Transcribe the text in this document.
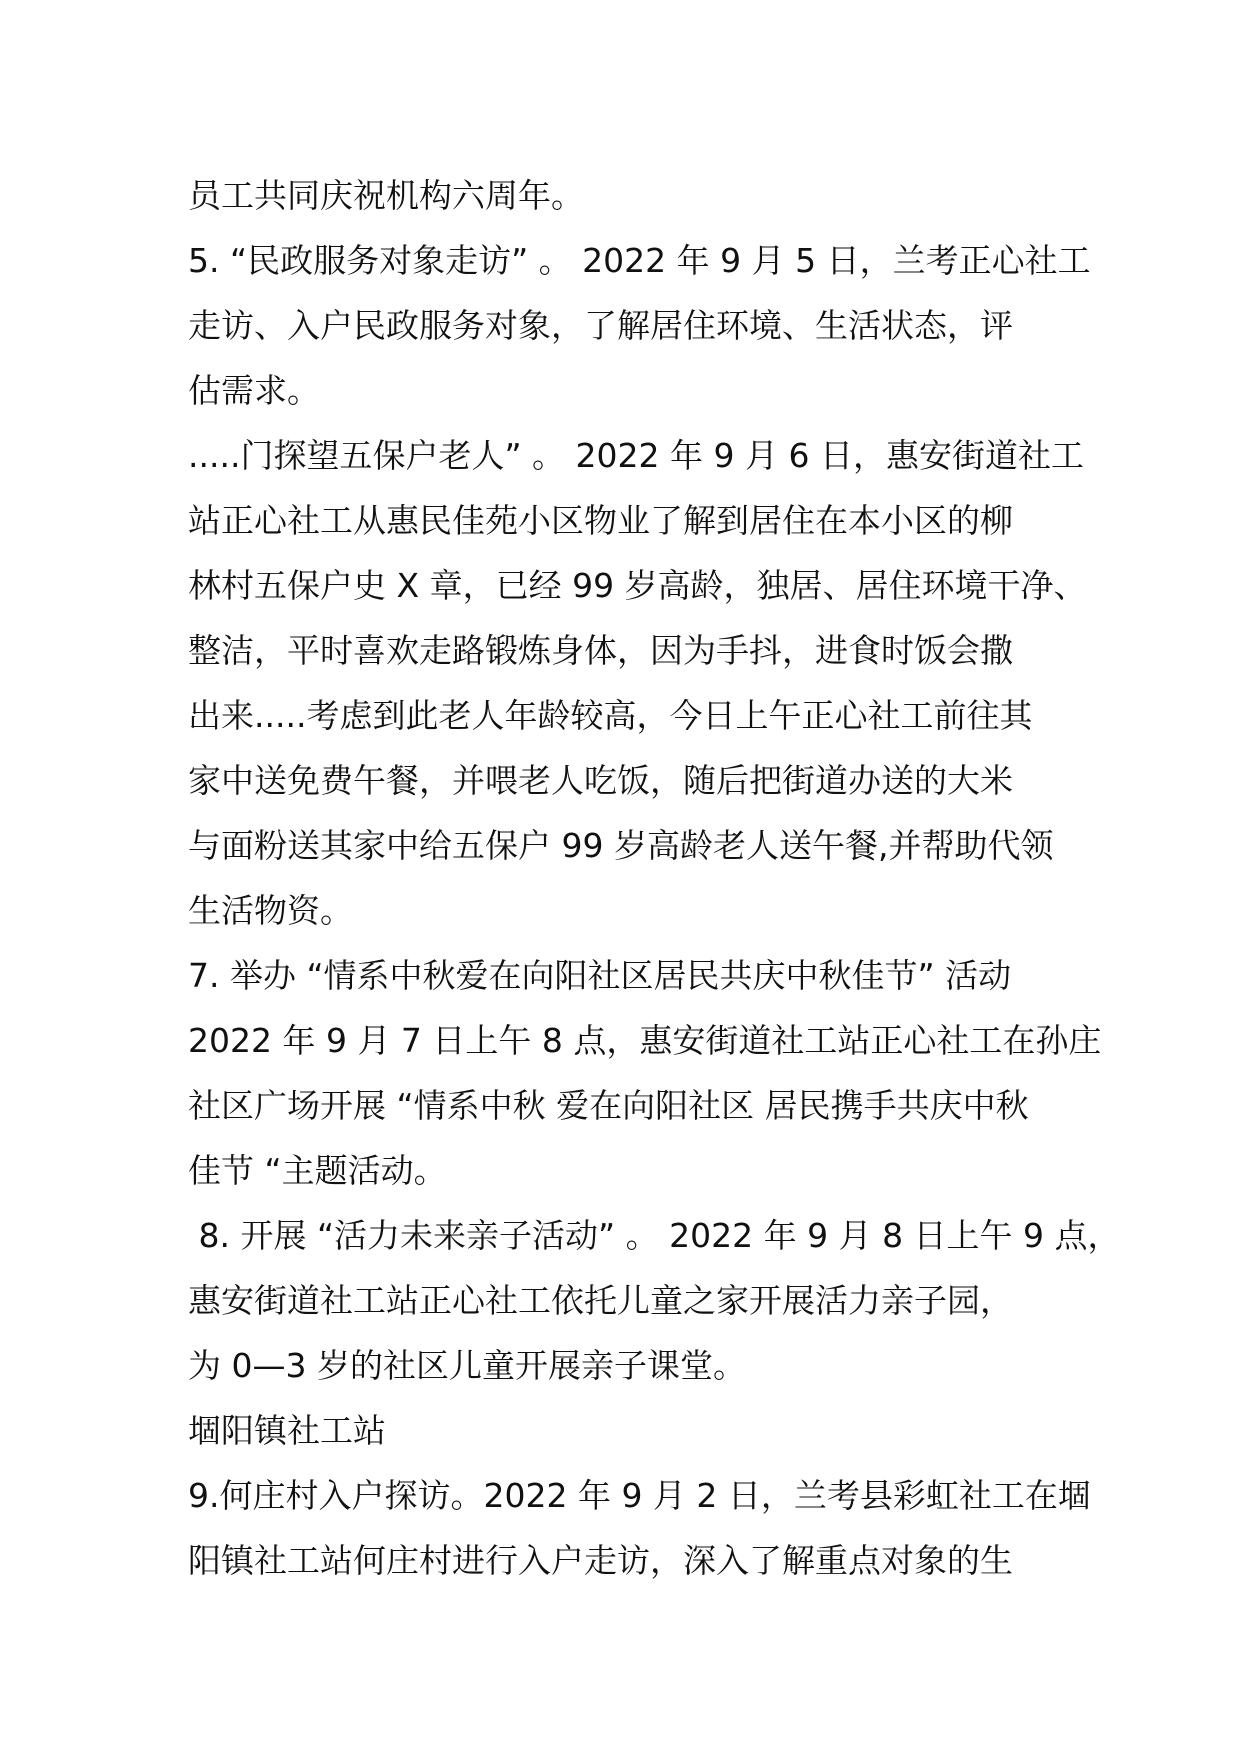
员工共同庆祝机构六周年。
5. “民政服务对象走访” 。 2022 年 9 月 5 日，兰考正心社工
走访、入户民政服务对象，了解居住环境、生活状态，评
估需求。
.....门探望五保户老人” 。 2022 年 9 月 6 日，惠安街道社工
站正心社工从惠民佳苑小区物业了解到居住在本小区的柳
林村五保户史 X 章，已经 99 岁高龄，独居、居住环境干净、
整洁，平时喜欢走路锻炼身体，因为手抖，进食时饭会撒
出来.....考虑到此老人年龄较高，今日上午正心社工前往其
家中送免费午餐，并喂老人吃饭，随后把街道办送的大米
与面粉送其家中给五保户 99 岁高龄老人送午餐,并帮助代领
生活物资。
7. 举办 “情系中秋爱在向阳社区居民共庆中秋佳节” 活动
2022 年 9 月 7 日上午 8 点，惠安街道社工站正心社工在孙庄
社区广场开展 “情系中秋 爱在向阳社区 居民携手共庆中秋
佳节 “主题活动。
8. 开展 “活力未来亲子活动” 。 2022 年 9 月 8 日上午 9 点，
惠安街道社工站正心社工依托儿童之家开展活力亲子园，
为 0—3 岁的社区儿童开展亲子课堂。
堌阳镇社工站
9.何庄村入户探访。2022 年 9 月 2 日，兰考县彩虹社工在堌
阳镇社工站何庄村进行入户走访，深入了解重点对象的生
